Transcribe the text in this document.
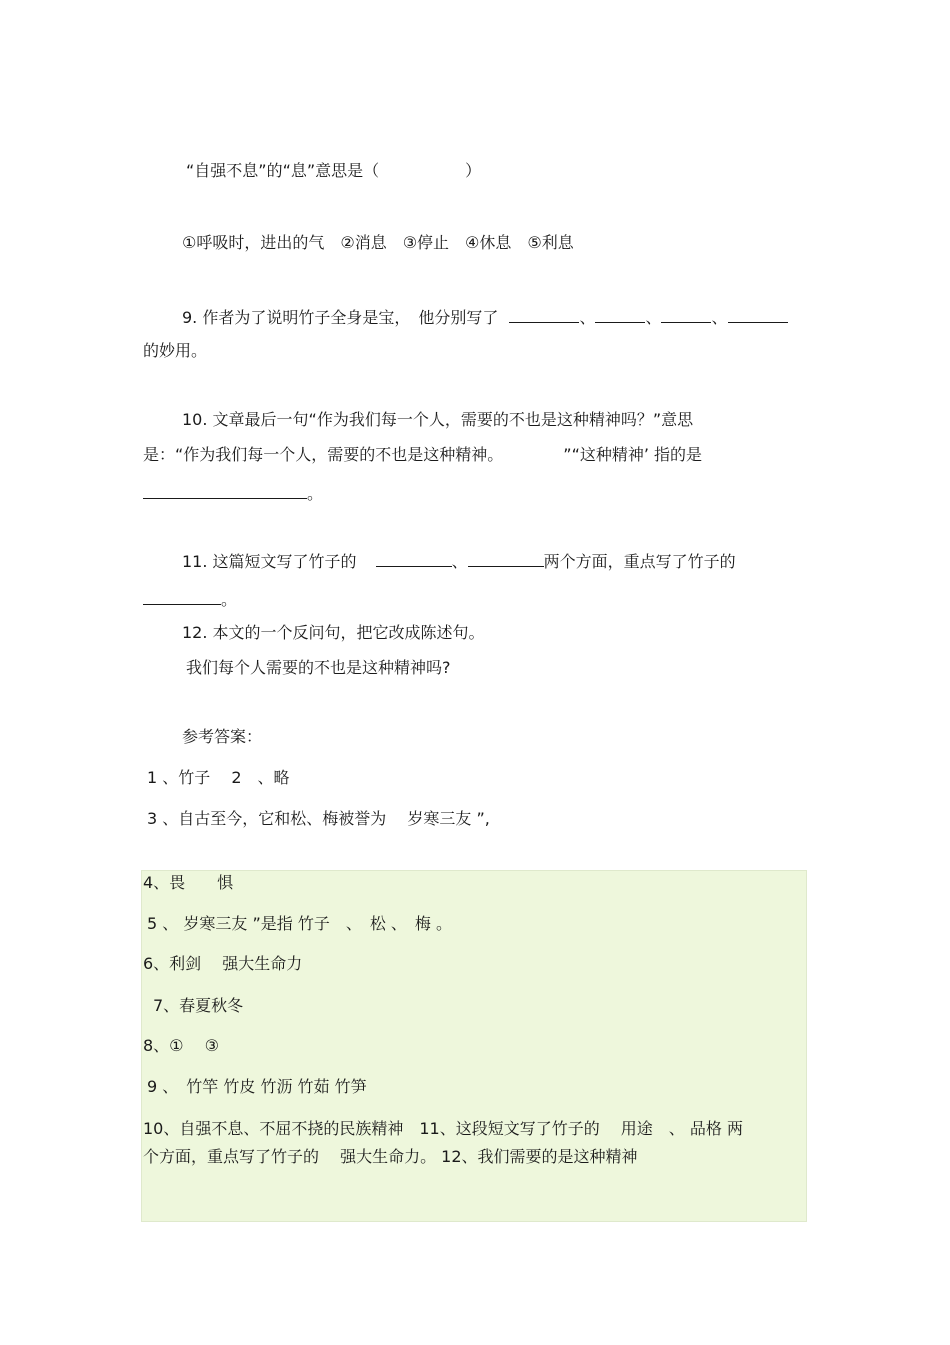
“自强不息”的“息”意思是（	）
①呼吸时，进出的气　②消息　③停止　④休息　⑤利息
9. 作者为了说明竹子全身是宝，　他分别写了	、	、	、
的妙用。
10. 文章最后一句“作为我们每一个人，需要的不也是这种精神吗？”意思
是：“作为我们每一个人，需要的不也是这种精神。	”“这种精神’ 指的是
。
11. 这篇短文写了竹子的	、	两个方面，重点写了竹子的
。
12. 本文的一个反问句，把它改成陈述句。
我们每个人需要的不也是这种精神吗?
参考答案：
1 、竹子　 2　、略
3 、自古至今，它和松、梅被誉为　 岁寒三友 ”,
4、畏　　惧
5 、 岁寒三友 ”是指 竹子　、　松 、　梅 。
6、利剑　 强大生命力
7、春夏秋冬
8、①　 ③
9 、　竹竿 竹皮 竹沥 竹茹 竹笋
10、自强不息、不屈不挠的民族精神　11、这段短文写了竹子的　 用途　、 品格 两
个方面，重点写了竹子的　 强大生命力。 12、我们需要的是这种精神
